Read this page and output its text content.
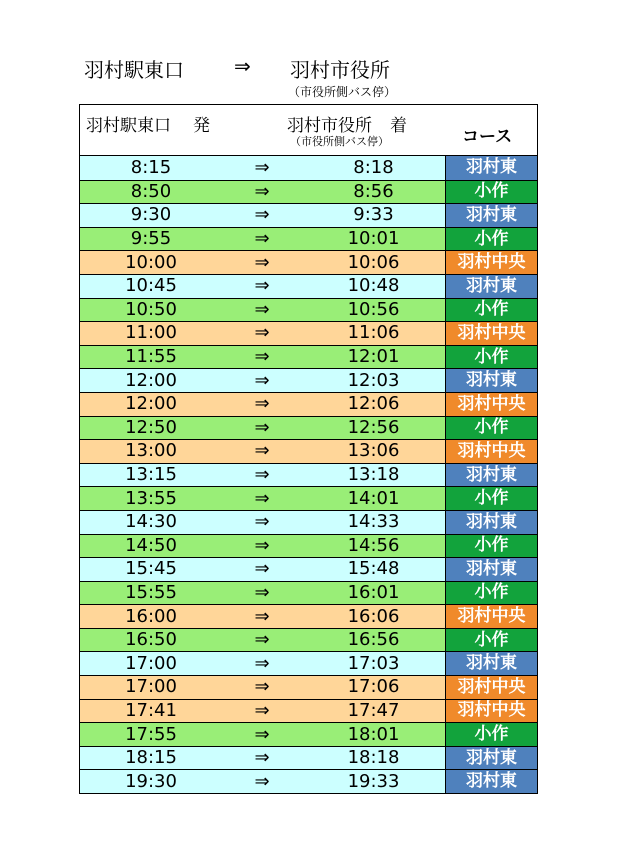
羽村駅東口	⇒ 羽村市役所
（市役所側バス停）
羽村駅東口 発	羽村市役所 着
（市役所側バス停）	コース
8:15	⇒	8:18	羽村東
8:50	⇒	8:56	小作
9:30	⇒	9:33	羽村東
9:55	⇒	10:01	小作
10:00	⇒	10:06	羽村中央
10:45	⇒	10:48	羽村東
10:50	⇒	10:56	小作
11:00	⇒	11:06	羽村中央
11:55	⇒	12:01	小作
12:00	⇒	12:03	羽村東
12:00	⇒	12:06	羽村中央
12:50	⇒	12:56	小作
13:00	⇒	13:06	羽村中央
13:15	⇒	13:18	羽村東
13:55	⇒	14:01	小作
14:30	⇒	14:33	羽村東
14:50	⇒	14:56	小作
15:45	⇒	15:48	羽村東
15:55	⇒	16:01	小作
16:00	⇒	16:06	羽村中央
16:50	⇒	16:56	小作
17:00	⇒	17:03	羽村東
17:00	⇒	17:06	羽村中央
17:41	⇒	17:47	羽村中央
17:55	⇒	18:01	小作
18:15	⇒	18:18	羽村東
19:30	⇒	19:33	羽村東
